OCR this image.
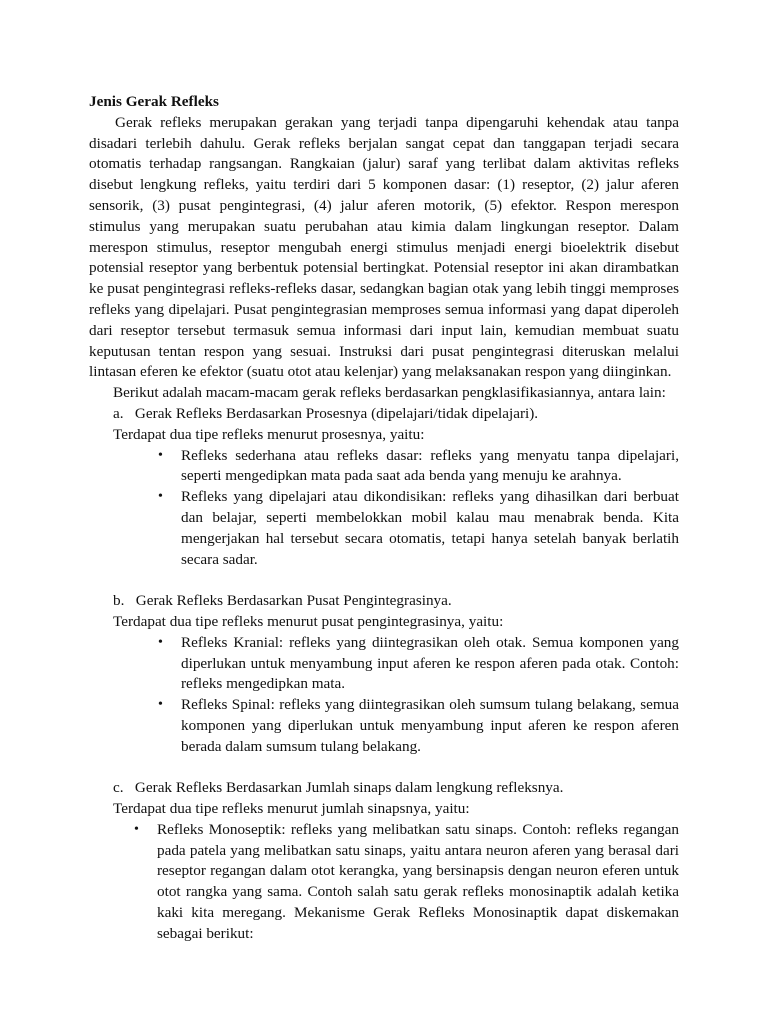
Jenis Gerak Refleks

Gerak refleks merupakan gerakan yang terjadi tanpa dipengaruhi kehendak atau tanpa disadari terlebih dahulu. Gerak refleks berjalan sangat cepat dan tanggapan terjadi secara otomatis terhadap rangsangan. Rangkaian (jalur) saraf yang terlibat dalam aktivitas refleks disebut lengkung refleks, yaitu terdiri dari 5 komponen dasar: (1) reseptor, (2) jalur aferen sensorik, (3) pusat pengintegrasi, (4) jalur aferen motorik, (5) efektor. Respon merespon stimulus yang merupakan suatu perubahan atau kimia dalam lingkungan reseptor. Dalam merespon stimulus, reseptor mengubah energi stimulus menjadi energi bioelektrik disebut potensial reseptor yang berbentuk potensial bertingkat. Potensial reseptor ini akan dirambatkan ke pusat pengintegrasi refleks-refleks dasar, sedangkan bagian otak yang lebih tinggi memproses refleks yang dipelajari. Pusat pengintegrasian memproses semua informasi yang dapat diperoleh dari reseptor tersebut termasuk semua informasi dari input lain, kemudian membuat suatu keputusan tentan respon yang sesuai. Instruksi dari pusat pengintegrasi diteruskan melalui lintasan eferen ke efektor (suatu otot atau kelenjar) yang melaksanakan respon yang diinginkan.

Berikut adalah macam-macam gerak refleks berdasarkan pengklasifikasiannya, antara lain:

a.   Gerak Refleks Berdasarkan Prosesnya (dipelajari/tidak dipelajari).

Terdapat dua tipe refleks menurut prosesnya, yaitu:

• Refleks sederhana atau refleks dasar: refleks yang menyatu tanpa dipelajari, seperti mengedipkan mata pada saat ada benda yang menuju ke arahnya.
• Refleks yang dipelajari atau dikondisikan: refleks yang dihasilkan dari berbuat dan belajar, seperti membelokkan mobil kalau mau menabrak benda. Kita mengerjakan hal tersebut secara otomatis, tetapi hanya setelah banyak berlatih secara sadar.

b.   Gerak Refleks Berdasarkan Pusat Pengintegrasinya.

Terdapat dua tipe refleks menurut pusat pengintegrasinya, yaitu:

• Refleks Kranial: refleks yang diintegrasikan oleh otak. Semua komponen yang diperlukan untuk menyambung input aferen ke respon aferen pada otak. Contoh: refleks mengedipkan mata.
• Refleks Spinal: refleks yang diintegrasikan oleh sumsum tulang belakang, semua komponen yang diperlukan untuk menyambung input aferen ke respon aferen berada dalam sumsum tulang belakang.

c.   Gerak Refleks Berdasarkan Jumlah sinaps dalam lengkung refleksnya.

Terdapat dua tipe refleks menurut jumlah sinapsnya, yaitu:

• Refleks Monoseptik: refleks yang melibatkan satu sinaps. Contoh: refleks regangan pada patela yang melibatkan satu sinaps, yaitu antara neuron aferen yang berasal dari reseptor regangan dalam otot kerangka, yang bersinapsis dengan neuron eferen untuk otot rangka yang sama. Contoh salah satu gerak refleks monosinaptik adalah ketika kaki kita meregang. Mekanisme Gerak Refleks Monosinaptik dapat diskemakan sebagai berikut:
